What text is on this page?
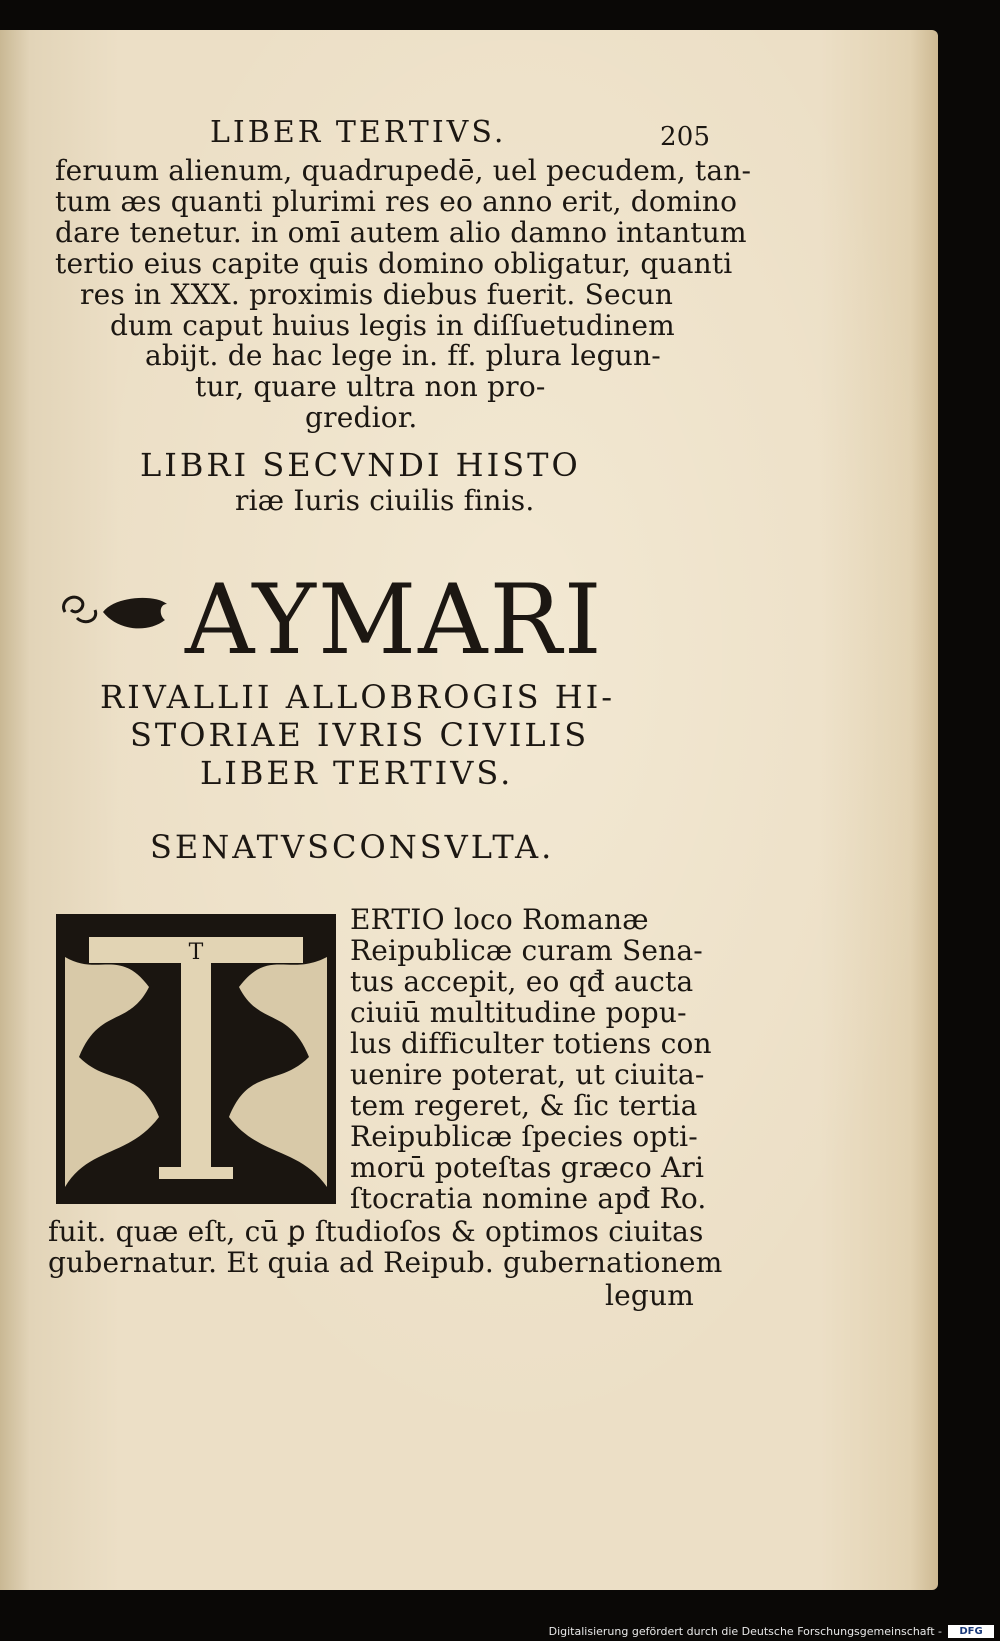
LIBER TERTIVS.	205
feruum alienum, quadrupedē, uel pecudem, tan-
tum æs quanti plurimi res eo anno erit, domino
dare tenetur. in omī autem alio damno intantum
tertio eius capite quis domino obligatur, quanti
res in XXX. proximis diebus fuerit. Secun
dum caput huius legis in diſſuetudinem
abijt. de hac lege in. ff. plura legun-
tur, quare ultra non pro-
gredior.
LIBRI SECVNDI HISTO
riæ Iuris ciuilis finis.
AYMARI
RIVALLII ALLOBROGIS HI-
STORIAE IVRIS CIVILIS
LIBER TERTIVS.
SENATVSCONSVLTA.
T
ERTIO loco Romanæ
Reipublicæ curam Sena-
tus accepit, eo qđ aucta
ciuiū multitudine popu-
lus difficulter totiens con
uenire poterat, ut ciuita-
tem regeret, & ſic tertia
Reipublicæ ſpecies opti-
morū poteſtas græco Ari
ſtocratia nomine apđ Ro.
fuit. quæ eſt, cū ꝑ ſtudioſos & optimos ciuitas
gubernatur. Et quia ad Reipub. gubernationem
legum
Digitalisierung gefördert durch die Deutsche Forschungsgemeinschaft -	DFG
